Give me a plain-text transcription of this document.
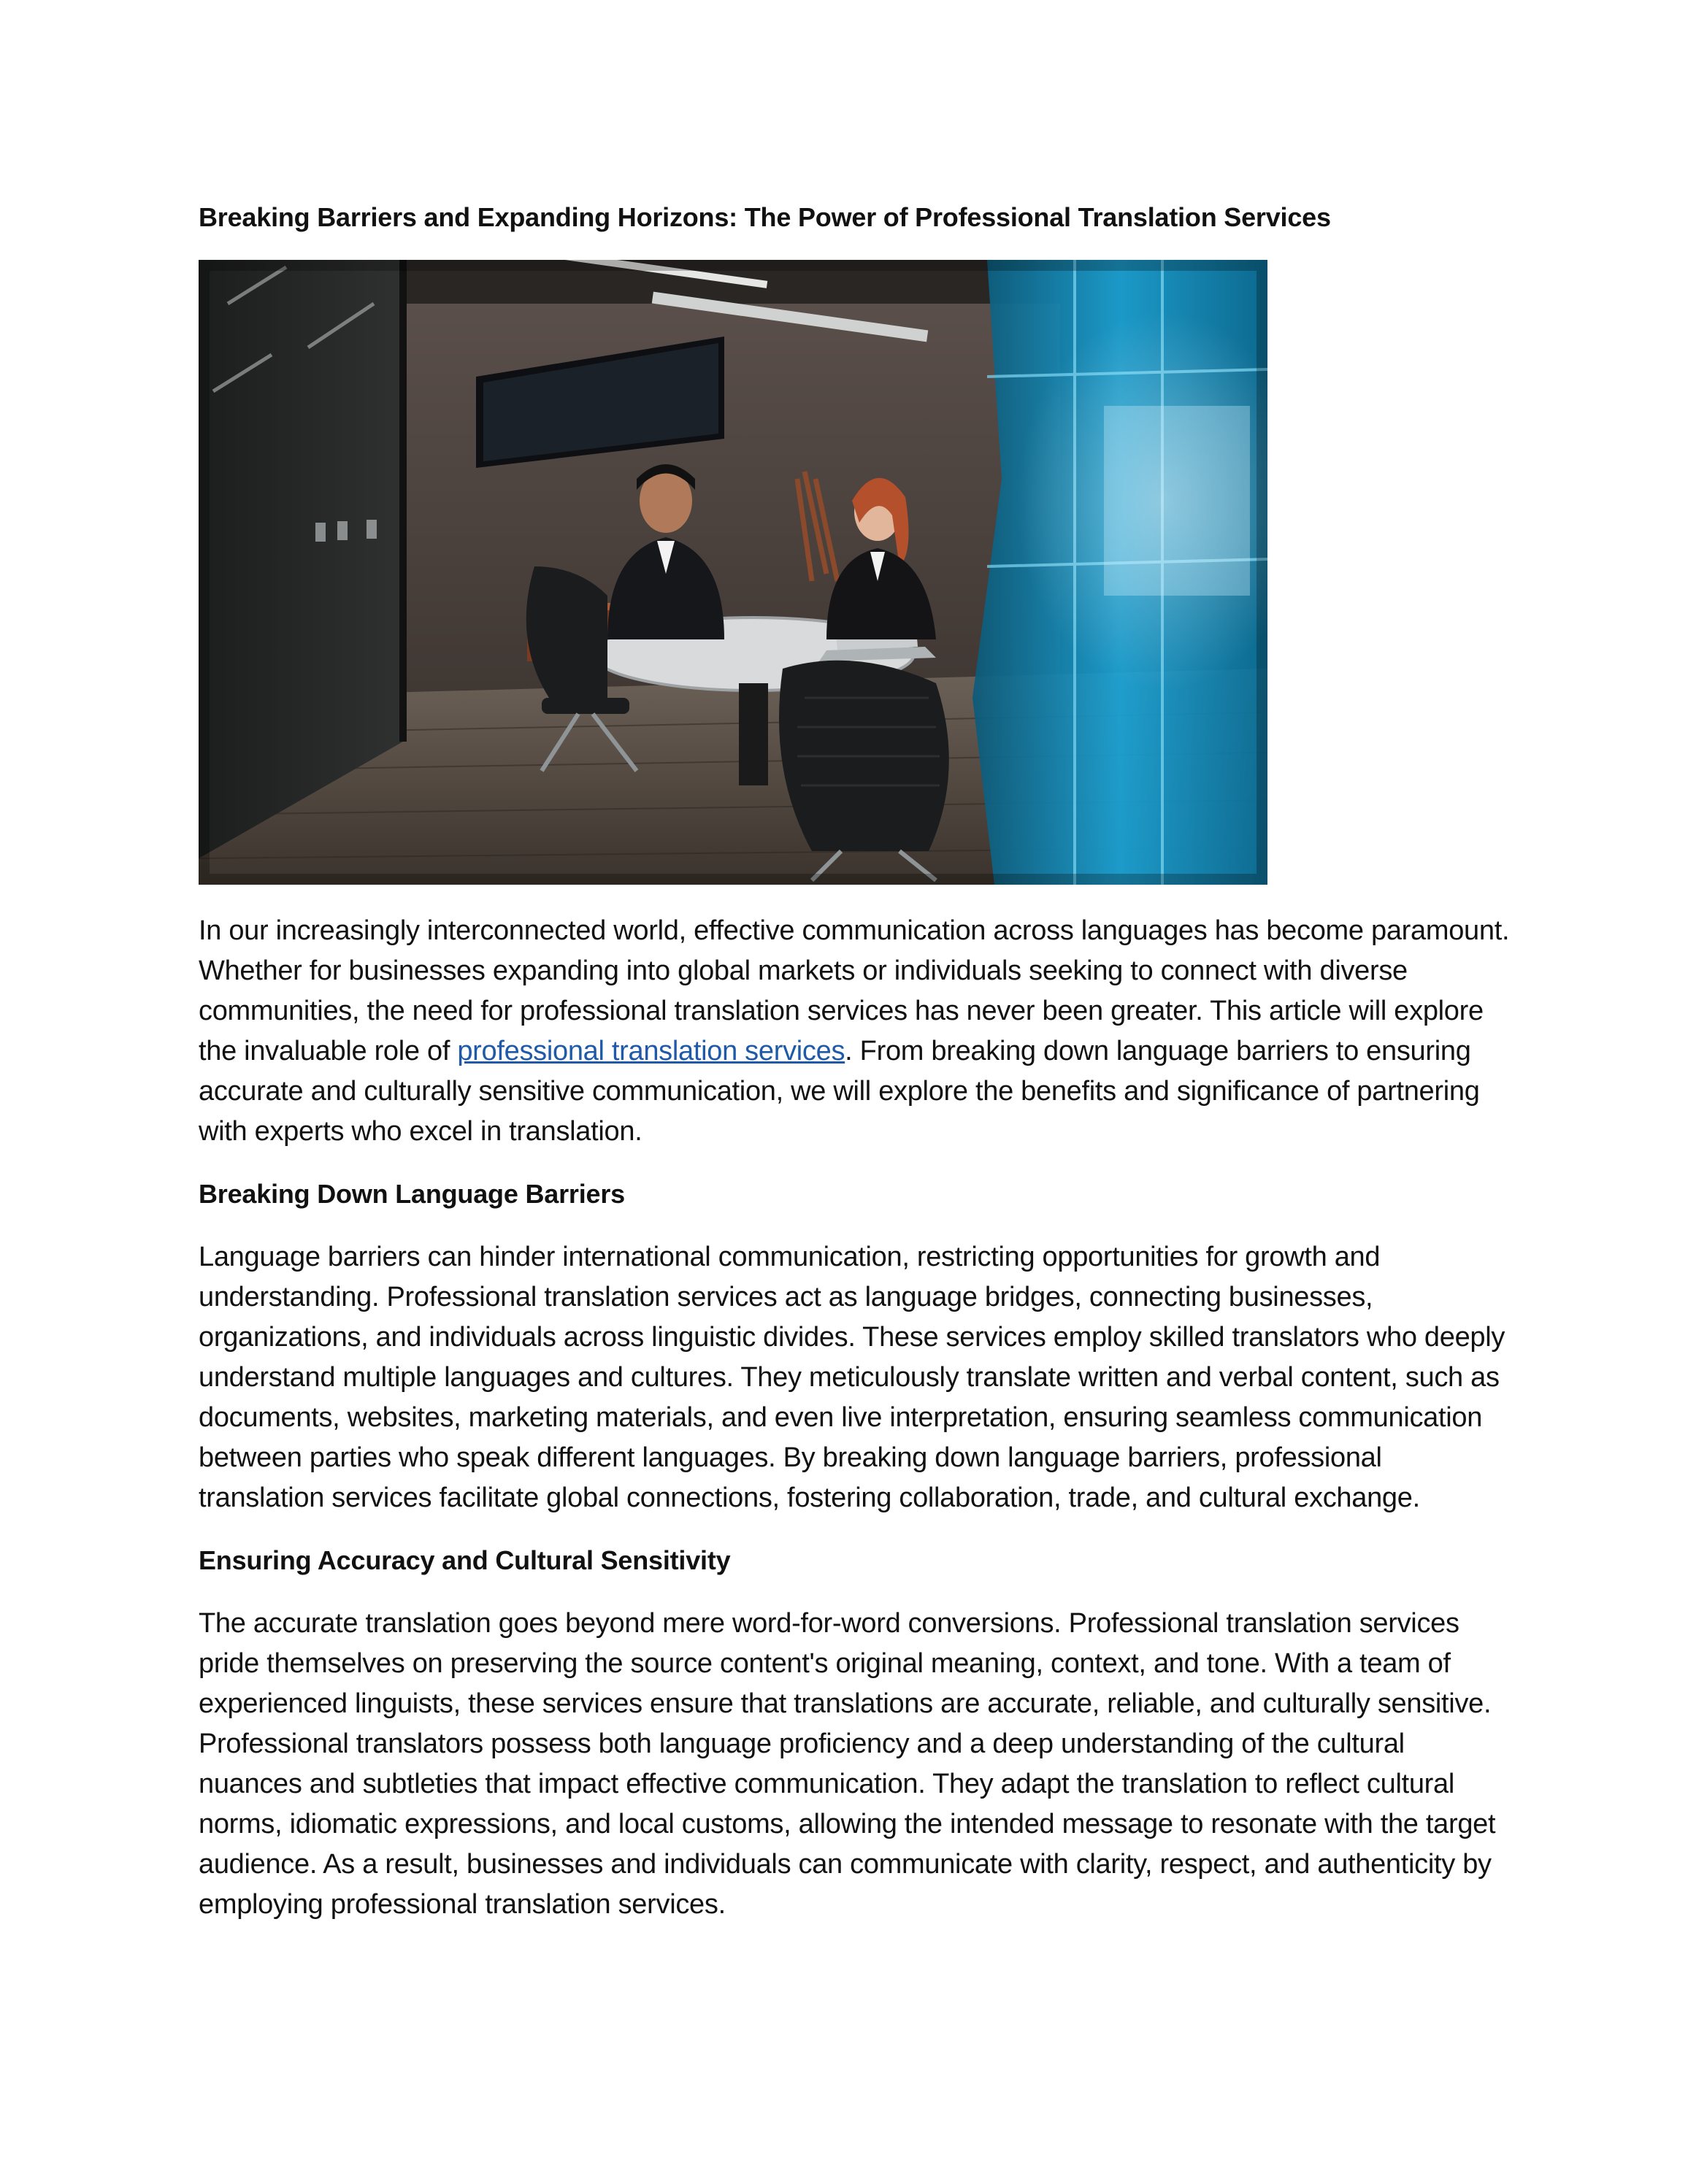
Breaking Barriers and Expanding Horizons: The Power of Professional Translation Services

In our increasingly interconnected world, effective communication across languages has become paramount. Whether for businesses expanding into global markets or individuals seeking to connect with diverse communities, the need for professional translation services has never been greater. This article will explore the invaluable role of professional translation services. From breaking down language barriers to ensuring accurate and culturally sensitive communication, we will explore the benefits and significance of partnering with experts who excel in translation.

Breaking Down Language Barriers

Language barriers can hinder international communication, restricting opportunities for growth and understanding. Professional translation services act as language bridges, connecting businesses, organizations, and individuals across linguistic divides. These services employ skilled translators who deeply understand multiple languages and cultures. They meticulously translate written and verbal content, such as documents, websites, marketing materials, and even live interpretation, ensuring seamless communication between parties who speak different languages. By breaking down language barriers, professional translation services facilitate global connections, fostering collaboration, trade, and cultural exchange.

Ensuring Accuracy and Cultural Sensitivity

The accurate translation goes beyond mere word-for-word conversions. Professional translation services pride themselves on preserving the source content's original meaning, context, and tone. With a team of experienced linguists, these services ensure that translations are accurate, reliable, and culturally sensitive. Professional translators possess both language proficiency and a deep understanding of the cultural nuances and subtleties that impact effective communication. They adapt the translation to reflect cultural norms, idiomatic expressions, and local customs, allowing the intended message to resonate with the target audience. As a result, businesses and individuals can communicate with clarity, respect, and authenticity by employing professional translation services.
